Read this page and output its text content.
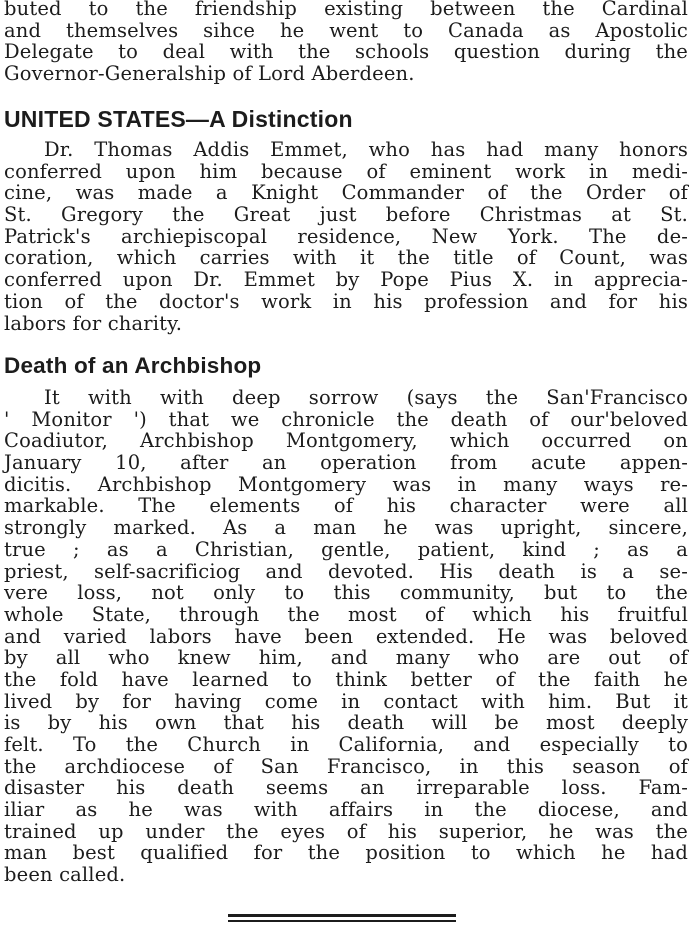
buted to the friendship existing between the Cardinal
and themselves sihce he went to Canada as Apostolic
Delegate to deal with the schools question during the
Governor-Generalship of Lord Aberdeen.
UNITED STATES—A Distinction
Dr. Thomas Addis Emmet, who has had many honors
conferred upon him because of eminent work in medi-
cine, was made a Knight Commander of the Order of
St. Gregory the Great just before Christmas at St.
Patrick's archiepiscopal residence, New York. The de-
coration, which carries with it the title of Count, was
conferred upon Dr. Emmet by Pope Pius X. in apprecia-
tion of the doctor's work in his profession and for his
labors for charity.
Death of an Archbishop
It with with deep sorrow (says the San'Francisco
' Monitor ') that we chronicle the death of our'beloved
Coadiutor, Archbishop Montgomery, which occurred on
January 10, after an operation from acute appen-
dicitis. Archbishop Montgomery was in many ways re-
markable. The elements of his character were all
strongly marked. As a man he was upright, sincere,
true ; as a Christian, gentle, patient, kind ; as a
priest, self-sacrificiog and devoted. His death is a se-
vere loss, not only to this community, but to the
whole State, through the most of which his fruitful
and varied labors have been extended. He was beloved
by all who knew him, and many who are out of
the fold have learned to think better of the faith he
lived by for having come in contact with him. But it
is by his own that his death will be most deeply
felt. To the Church in California, and especially to
the archdiocese of San Francisco, in this season of
disaster his death seems an irreparable loss. Fam-
iliar as he was with affairs in the diocese, and
trained up under the eyes of his superior, he was the
man best qualified for the position to which he had
been called.
